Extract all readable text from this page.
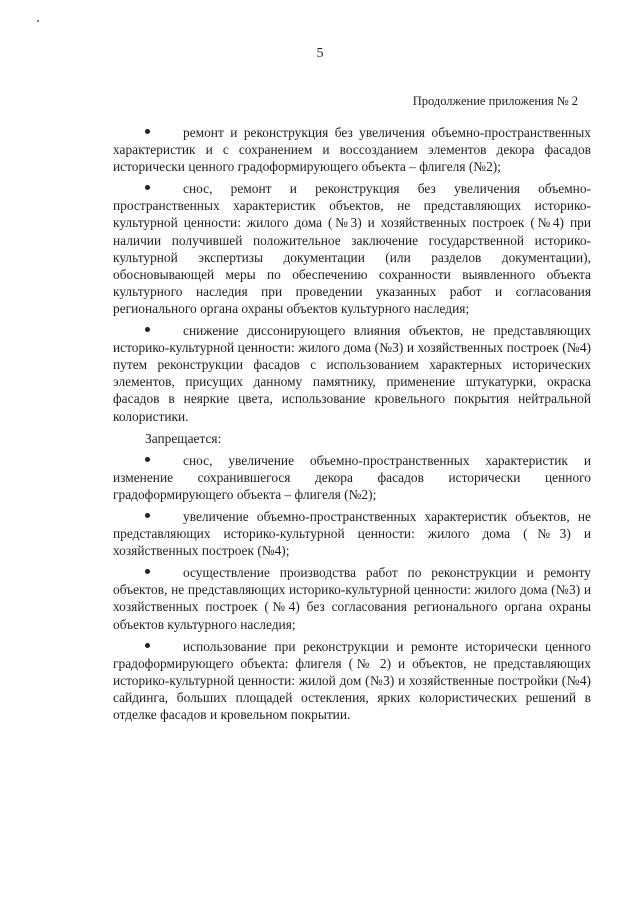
5
Продолжение приложения № 2
ремонт и реконструкция без увеличения объемно-пространственных характеристик и с сохранением и воссозданием элементов декора фасадов исторически ценного градоформирующего объекта – флигеля (№2);
снос, ремонт и реконструкция без увеличения объемно-пространственных характеристик объектов, не представляющих историко-культурной ценности: жилого дома (№3) и хозяйственных построек (№4) при наличии получившей положительное заключение государственной историко-культурной экспертизы документации (или разделов документации), обосновывающей меры по обеспечению сохранности выявленного объекта культурного наследия при проведении указанных работ и согласования регионального органа охраны объектов культурного наследия;
снижение диссонирующего влияния объектов, не представляющих историко-культурной ценности: жилого дома (№3) и хозяйственных построек (№4) путем реконструкции фасадов с использованием характерных исторических элементов, присущих данному памятнику, применение штукатурки, окраска фасадов в неяркие цвета, использование кровельного покрытия нейтральной колористики.
Запрещается:
снос, увеличение объемно-пространственных характеристик и изменение сохранившегося декора фасадов исторически ценного градоформирующего объекта – флигеля (№2);
увеличение объемно-пространственных характеристик объектов, не представляющих историко-культурной ценности: жилого дома (№3) и хозяйственных построек (№4);
осуществление производства работ по реконструкции и ремонту объектов, не представляющих историко-культурной ценности: жилого дома (№3) и хозяйственных построек (№4) без согласования регионального органа охраны объектов культурного наследия;
использование при реконструкции и ремонте исторически ценного градоформирующего объекта: флигеля (№ 2) и объектов, не представляющих историко-культурной ценности: жилой дом (№3) и хозяйственные постройки (№4) сайдинга, больших площадей остекления, ярких колористических решений в отделке фасадов и кровельном покрытии.
